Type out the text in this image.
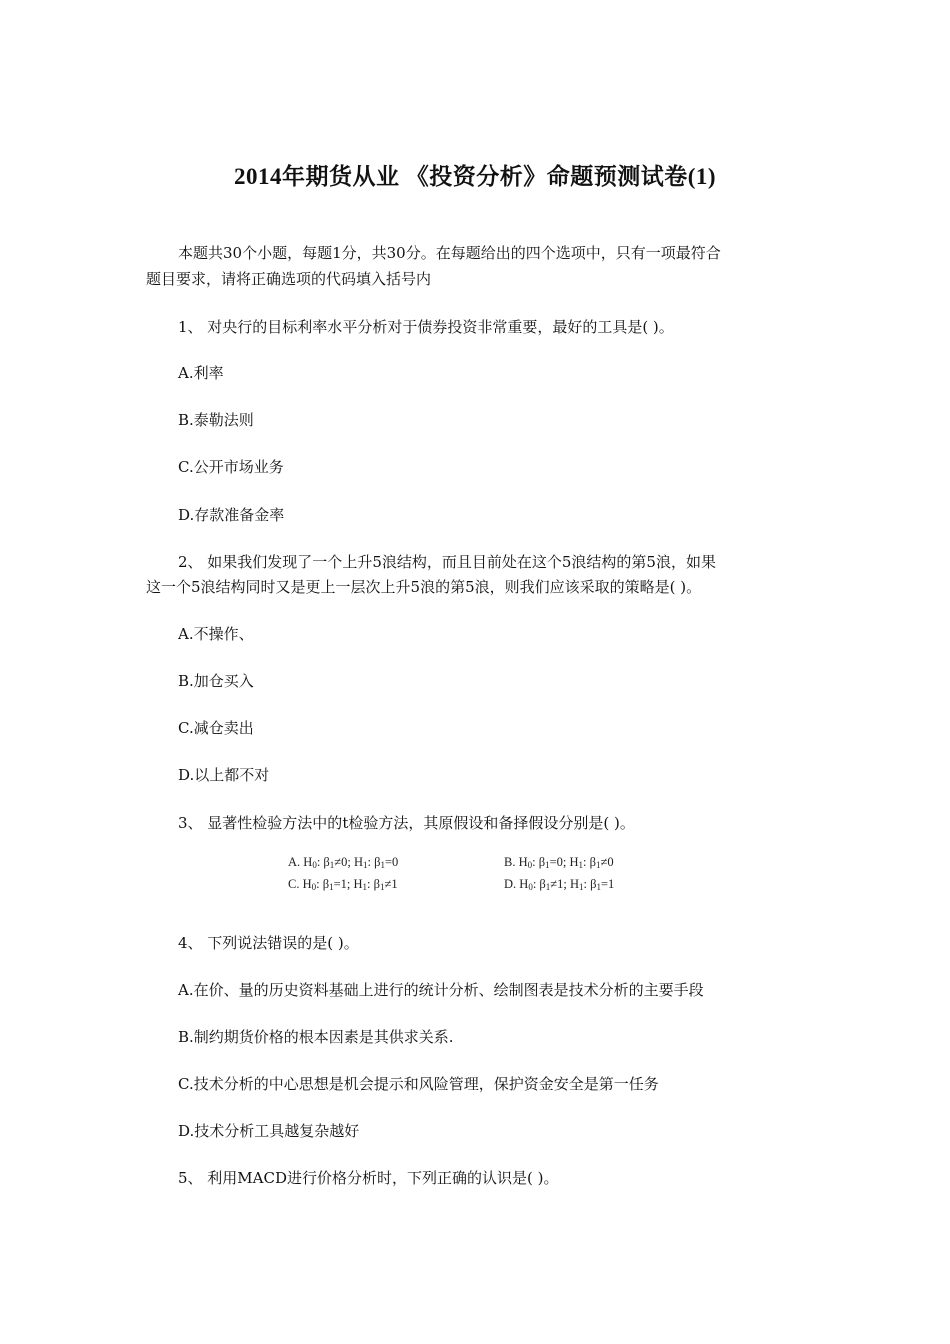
2014年期货从业 《投资分析》命题预测试卷(1)
本题共30个小题，每题1分，共30分。在每题给出的四个选项中，只有一项最符合
题目要求，请将正确选项的代码填入括号内
1、 对央行的目标利率水平分析对于债券投资非常重要，最好的工具是( )。
A.利率
B.泰勒法则
C.公开市场业务
D.存款准备金率
2、 如果我们发现了一个上升5浪结构，而且目前处在这个5浪结构的第5浪，如果
这一个5浪结构同时又是更上一层次上升5浪的第5浪，则我们应该采取的策略是( )。
A.不操作、
B.加仓买入
C.减仓卖出
D.以上都不对
3、 显著性检验方法中的t检验方法，其原假设和备择假设分别是( )。
A. $H_0$: $\beta_1\ne 0$; $H_1$: $\beta_1=0$	B. $H_0$: $\beta_1=0$; $H_1$: $\beta_1\ne 0$
C. $H_0$: $\beta_1=1$; $H_1$: $\beta_1\ne 1$	D. $H_0$: $\beta_1\ne 1$; $H_1$: $\beta_1=1$
4、 下列说法错误的是( )。
A.在价、量的历史资料基础上进行的统计分析、绘制图表是技术分析的主要手段
B.制约期货价格的根本因素是其供求关系.
C.技术分析的中心思想是机会提示和风险管理，保护资金安全是第一任务
D.技术分析工具越复杂越好
5、 利用MACD进行价格分析时，下列正确的认识是( )。
